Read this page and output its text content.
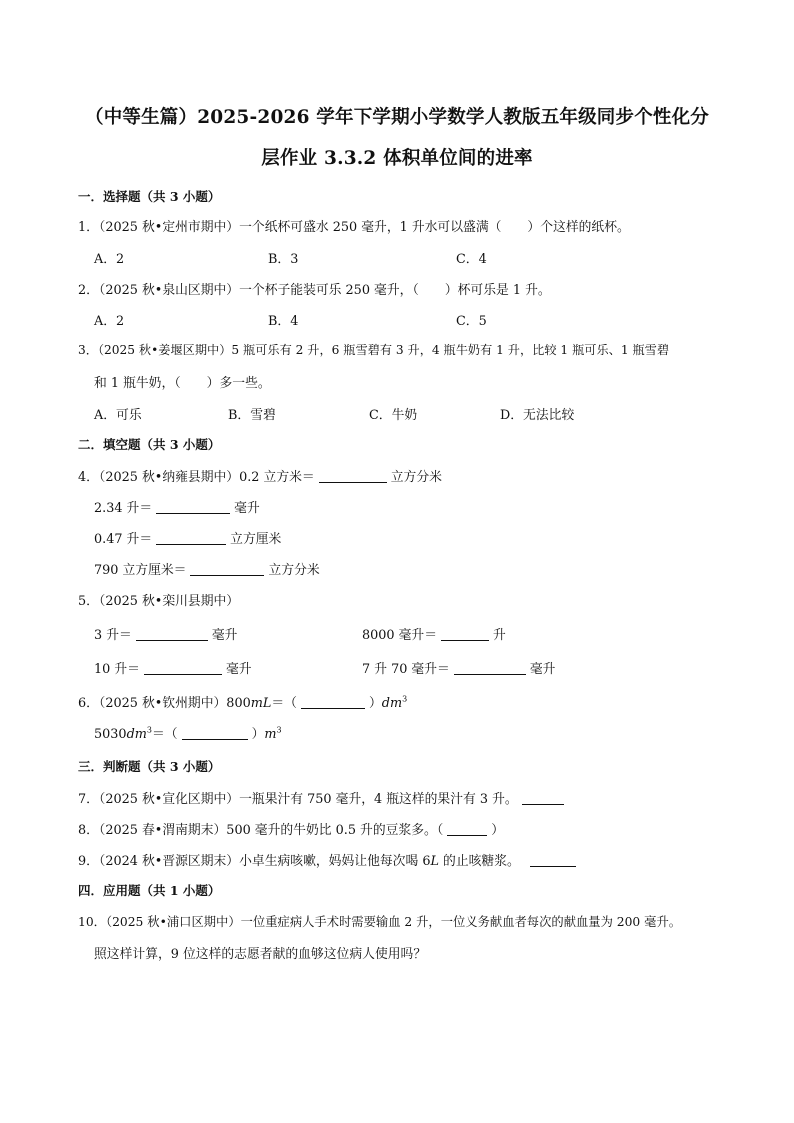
（中等生篇）2025-2026 学年下学期小学数学人教版五年级同步个性化分
层作业 3.3.2 体积单位间的进率
一．选择题（共 3 小题）
1．（2025 秋•定州市期中）一个纸杯可盛水 250 毫升，1 升水可以盛满（ ）个这样的纸杯。
A．2	B．3	C．4
2．（2025 秋•泉山区期中）一个杯子能装可乐 250 毫升，（ ）杯可乐是 1 升。
A．2	B．4	C．5
3．（2025 秋•姜堰区期中）5 瓶可乐有 2 升，6 瓶雪碧有 3 升，4 瓶牛奶有 1 升，比较 1 瓶可乐、1 瓶雪碧
和 1 瓶牛奶，（ ）多一些。
A．可乐	B．雪碧	C．牛奶	D．无法比较
二．填空题（共 3 小题）
4．（2025 秋•纳雍县期中）0.2 立方米＝	立方分米
2.34 升＝	毫升
0.47 升＝	立方厘米
790 立方厘米＝	立方分米
5．（2025 秋•栾川县期中）
3 升＝	毫升	8000 毫升＝	升
10 升＝	毫升	7 升 70 毫升＝	毫升
6．（2025 秋•钦州期中）800mL＝（	）$dm^3$
$5030dm^3=$（	）$m^3$
三．判断题（共 3 小题）
7．（2025 秋•宣化区期中）一瓶果汁有 750 毫升，4 瓶这样的果汁有 3 升。
8．（2025 春•渭南期末）500 毫升的牛奶比 0.5 升的豆浆多。（	）
9．（2024 秋•晋源区期末）小卓生病咳嗽，妈妈让他每次喝 6L 的止咳糖浆。
四．应用题（共 1 小题）
10．（2025 秋•浦口区期中）一位重症病人手术时需要输血 2 升，一位义务献血者每次的献血量为 200 毫升。
照这样计算，9 位这样的志愿者献的血够这位病人使用吗？
